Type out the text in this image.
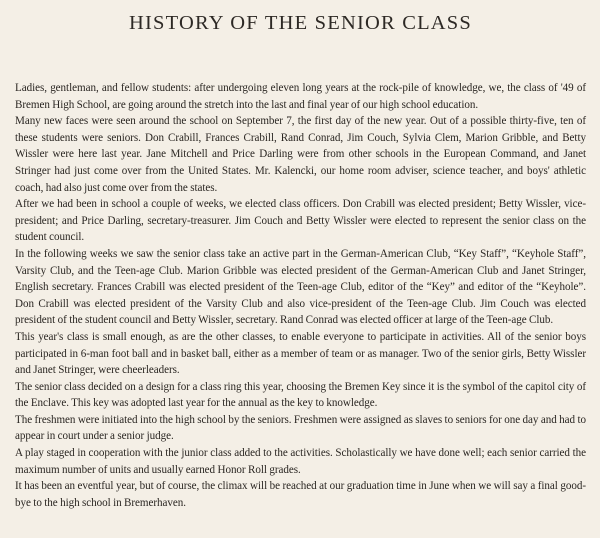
HISTORY OF THE SENIOR CLASS

Ladies, gentleman, and fellow students: after undergoing eleven long years at the rock-pile of knowledge, we, the class of '49 of Bremen High School, are going around the stretch into the last and final year of our high school education.

Many new faces were seen around the school on September 7, the first day of the new year. Out of a possible thirty-five, ten of these students were seniors. Don Crabill, Frances Crabill, Rand Conrad, Jim Couch, Sylvia Clem, Marion Gribble, and Betty Wissler were here last year. Jane Mitchell and Price Darling were from other schools in the European Command, and Janet Stringer had just come over from the United States. Mr. Kalencki, our home room adviser, science teacher, and boys' athletic coach, had also just come over from the states.

After we had been in school a couple of weeks, we elected class officers. Don Crabill was elected president; Betty Wissler, vice-president; and Price Darling, secretary-treasurer. Jim Couch and Betty Wissler were elected to represent the senior class on the student council.

In the following weeks we saw the senior class take an active part in the German-American Club, “Key Staff”, “Keyhole Staff”, Varsity Club, and the Teen-age Club. Marion Gribble was elected president of the German-American Club and Janet Stringer, English secretary. Frances Crabill was elected president of the Teen-age Club, editor of the “Key” and editor of the “Keyhole”. Don Crabill was elected president of the Varsity Club and also vice-president of the Teen-age Club. Jim Couch was elected president of the student council and Betty Wissler, secretary. Rand Conrad was elected officer at large of the Teen-age Club.

This year's class is small enough, as are the other classes, to enable everyone to participate in activities. All of the senior boys participated in 6-man foot ball and in basket ball, either as a member of team or as manager. Two of the senior girls, Betty Wissler and Janet Stringer, were cheerleaders.

The senior class decided on a design for a class ring this year, choosing the Bremen Key since it is the symbol of the capitol city of the Enclave. This key was adopted last year for the annual as the key to knowledge.

The freshmen were initiated into the high school by the seniors. Freshmen were assigned as slaves to seniors for one day and had to appear in court under a senior judge.

A play staged in cooperation with the junior class added to the activities. Scholastically we have done well; each senior carried the maximum number of units and usually earned Honor Roll grades.

It has been an eventful year, but of course, the climax will be reached at our graduation time in June when we will say a final good-bye to the high school in Bremerhaven.
